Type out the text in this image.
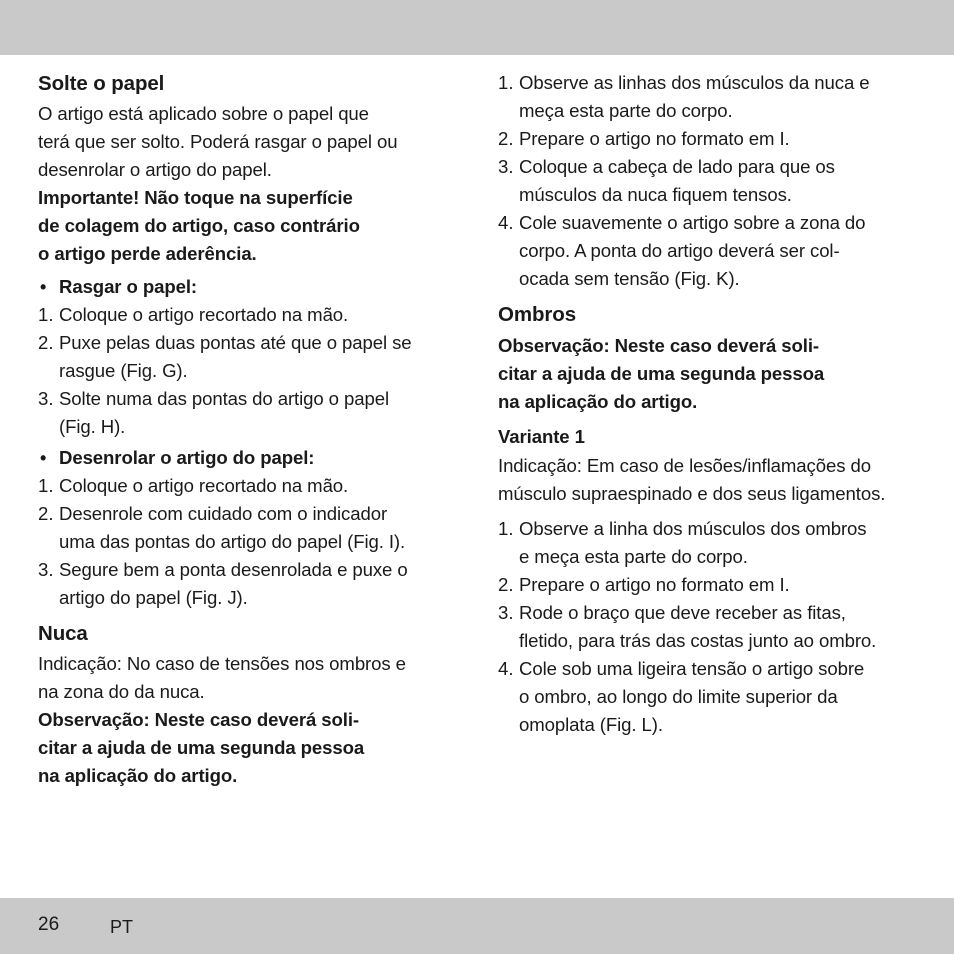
Solte o papel
O artigo está aplicado sobre o papel que
terá que ser solto. Poderá rasgar o papel ou
desenrolar o artigo do papel.
Importante! Não toque na superfície
de colagem do artigo, caso contrário
o artigo perde aderência.
• Rasgar o papel:
1. Coloque o artigo recortado na mão.
2. Puxe pelas duas pontas até que o papel se
rasgue (Fig. G).
3. Solte numa das pontas do artigo o papel
(Fig. H).
• Desenrolar o artigo do papel:
1. Coloque o artigo recortado na mão.
2. Desenrole com cuidado com o indicador
uma das pontas do artigo do papel (Fig. I).
3. Segure bem a ponta desenrolada e puxe o
artigo do papel (Fig. J).
Nuca
Indicação: No caso de tensões nos ombros e
na zona do da nuca.
Observação: Neste caso deverá soli-
citar a ajuda de uma segunda pessoa
na aplicação do artigo.
1. Observe as linhas dos músculos da nuca e
meça esta parte do corpo.
2. Prepare o artigo no formato em I.
3. Coloque a cabeça de lado para que os
músculos da nuca fiquem tensos.
4. Cole suavemente o artigo sobre a zona do
corpo. A ponta do artigo deverá ser col-
ocada sem tensão (Fig. K).
Ombros
Observação: Neste caso deverá soli-
citar a ajuda de uma segunda pessoa
na aplicação do artigo.
Variante 1
Indicação: Em caso de lesões/inflamações do
músculo supraespinado e dos seus ligamentos.
1. Observe a linha dos músculos dos ombros
e meça esta parte do corpo.
2. Prepare o artigo no formato em I.
3. Rode o braço que deve receber as fitas,
fletido, para trás das costas junto ao ombro.
4. Cole sob uma ligeira tensão o artigo sobre
o ombro, ao longo do limite superior da
omoplata (Fig. L).
26	PT
